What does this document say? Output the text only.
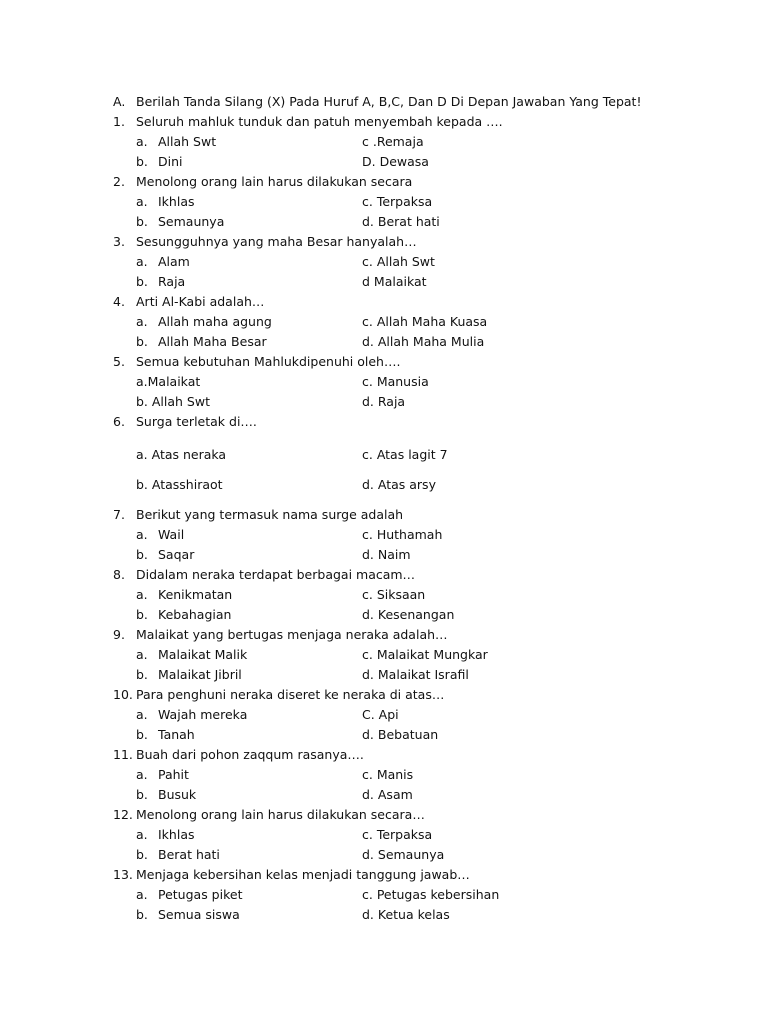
A. Berilah Tanda Silang (X) Pada Huruf A, B,C, Dan D Di Depan Jawaban Yang Tepat!
1. Seluruh mahluk tunduk dan patuh menyembah kepada ….
a. Allah Swt	c .Remaja
b. Dini	D. Dewasa
2. Menolong orang lain harus dilakukan secara
a. Ikhlas	c. Terpaksa
b. Semaunya	d. Berat hati
3. Sesungguhnya yang maha Besar hanyalah…
a. Alam	c. Allah Swt
b. Raja	d Malaikat
4. Arti Al-Kabi adalah…
a. Allah maha agung	c. Allah Maha Kuasa
b. Allah Maha Besar	d. Allah Maha Mulia
5. Semua kebutuhan Mahlukdipenuhi oleh….
a.Malaikat	c. Manusia
b. Allah Swt	d. Raja
6. Surga terletak di….
a. Atas neraka	c. Atas lagit 7
b. Atasshiraot	d. Atas arsy
7. Berikut yang termasuk nama surge adalah
a. Wail	c. Huthamah
b. Saqar	d. Naim
8. Didalam neraka terdapat berbagai macam…
a. Kenikmatan	c. Siksaan
b. Kebahagian	d. Kesenangan
9. Malaikat yang bertugas menjaga neraka adalah…
a. Malaikat Malik	c. Malaikat Mungkar
b. Malaikat Jibril	d. Malaikat Israfil
10. Para penghuni neraka diseret ke neraka di atas…
a. Wajah mereka	C. Api
b. Tanah	d. Bebatuan
11. Buah dari pohon zaqqum rasanya….
a. Pahit	c. Manis
b. Busuk	d. Asam
12. Menolong orang lain harus dilakukan secara…
a. Ikhlas	c. Terpaksa
b. Berat hati	d. Semaunya
13. Menjaga kebersihan kelas menjadi tanggung jawab…
a. Petugas piket	c. Petugas kebersihan
b. Semua siswa	d. Ketua kelas
